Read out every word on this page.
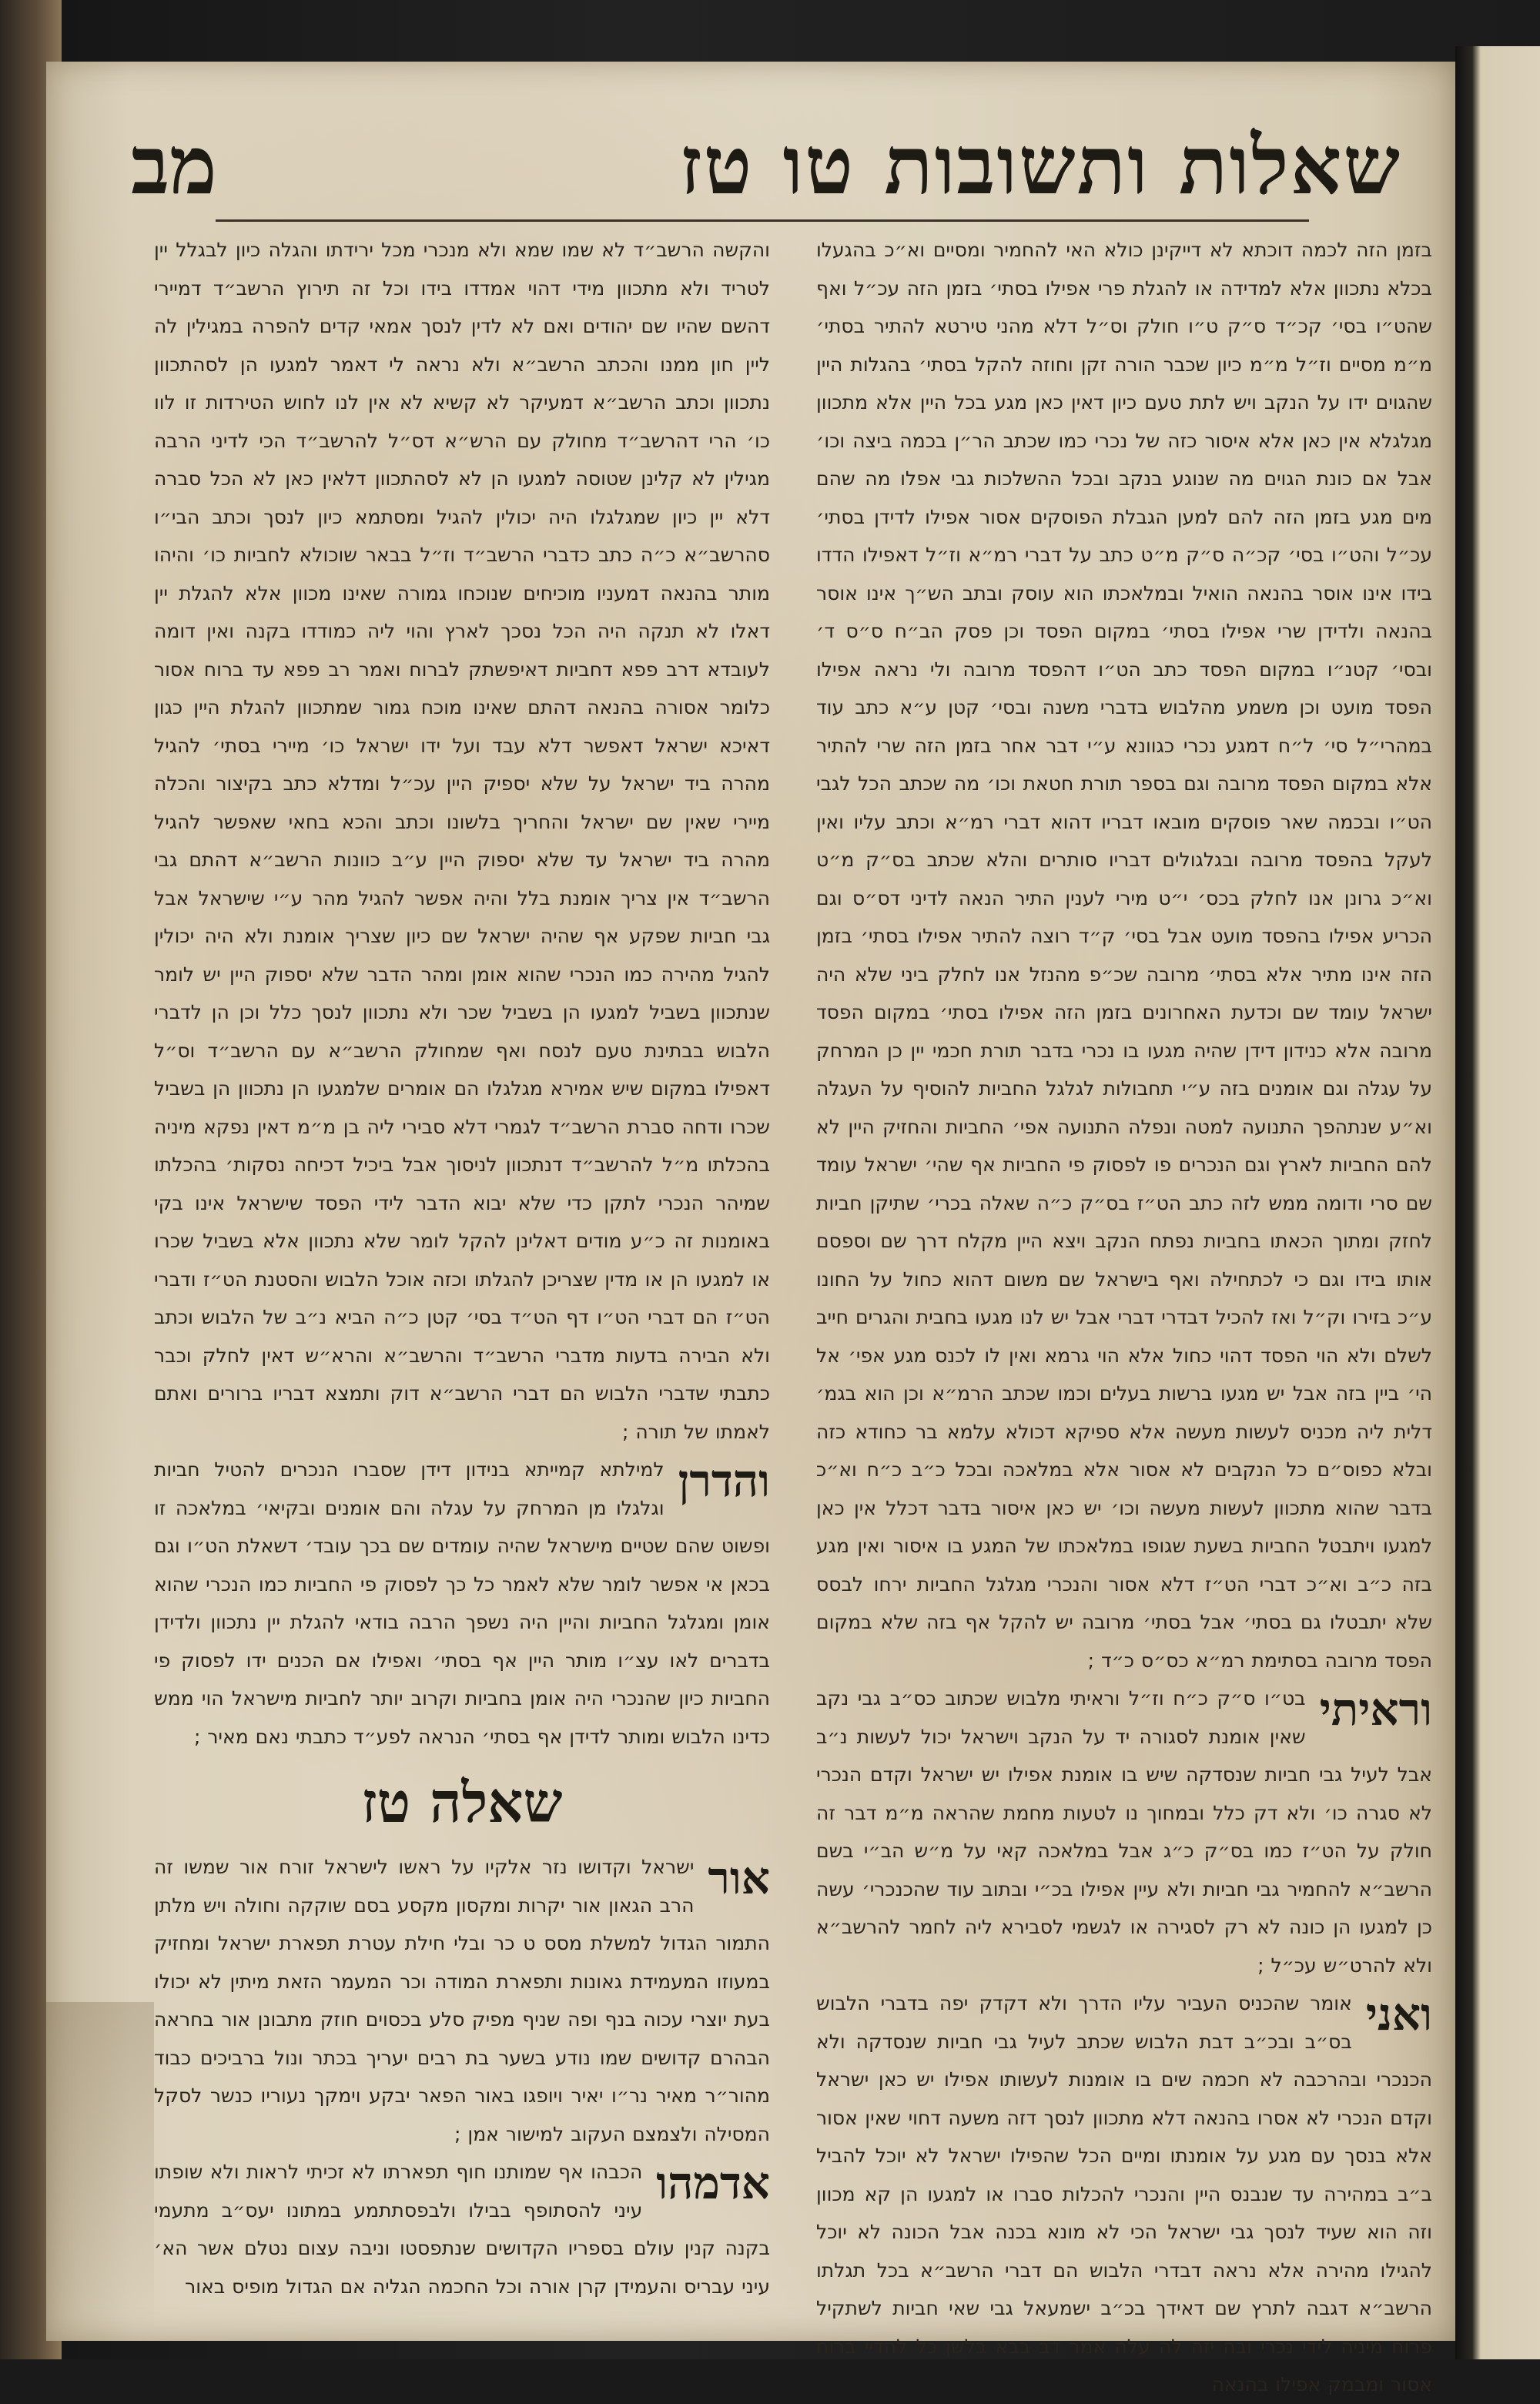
שאלות ותשובות טו טז
מב

בזמן הזה לכמה דוכתא לא דייקינן כולא האי להחמיר ומסיים וא״כ בהגעלו בכלא נתכוון אלא למדידה או להגלת פרי אפילו בסתי׳ בזמן הזה עכ״ל ואף שהט״ו בסי׳ קכ״ד ס״ק ט״ו חולק וס״ל דלא מהני טירטא להתיר בסתי׳ מ״מ מסיים וז״ל מ״מ כיון שכבר הורה זקן וחוזה להקל בסתי׳ בהגלות היין שהגוים ידו על הנקב ויש לתת טעם כיון דאין כאן מגע בכל היין אלא מתכוון מגלגלא אין כאן אלא איסור כזה של נכרי כמו שכתב הר״ן בכמה ביצה וכו׳ אבל אם כונת הגוים מה שנוגע בנקב ובכל ההשלכות גבי אפלו מה שהם מים מגע בזמן הזה להם למען הגבלת הפוסקים אסור אפילו לדידן בסתי׳ עכ״ל והט״ו בסי׳ קכ״ה ס״ק מ״ט כתב על דברי רמ״א וז״ל דאפילו הדדו בידו אינו אוסר בהנאה הואיל ובמלאכתו הוא עוסק ובתב הש״ך אינו אוסר בהנאה ולדידן שרי אפילו בסתי׳ במקום הפסד וכן פסק הב״ח ס״ס ד׳ ובסי׳ קטנ״ו במקום הפסד כתב הט״ו דהפסד מרובה ולי נראה אפילו הפסד מועט וכן משמע מהלבוש בדברי משנה ובסי׳ קטן ע״א כתב עוד במהרי״ל סי׳ ל״ח דמגע נכרי כגוונא ע״י דבר אחר בזמן הזה שרי להתיר אלא במקום הפסד מרובה וגם בספר תורת חטאת וכו׳ מה שכתב הכל לגבי הט״ו ובכמה שאר פוסקים מובאו דבריו דהוא דברי רמ״א וכתב עליו ואין לעקל בהפסד מרובה ובגלגולים דבריו סותרים והלא שכתב בס״ק מ״ט וא״כ גרונן אנו לחלק בכס׳ י״ט מירי לענין התיר הנאה לדיני דס״ס וגם הכריע אפילו בהפסד מועט אבל בסי׳ ק״ד רוצה להתיר אפילו בסתי׳ בזמן הזה אינו מתיר אלא בסתי׳ מרובה שכ״פ מהנזל אנו לחלק ביני שלא היה ישראל עומד שם וכדעת האחרונים בזמן הזה אפילו בסתי׳ במקום הפסד מרובה אלא כנידון דידן שהיה מגעו בו נכרי בדבר תורת חכמי יין כן המרחק על עגלה וגם אומנים בזה ע״י תחבולות לגלגל החביות להוסיף על העגלה וא״ע שנתהפך התנועה למטה ונפלה התנועה אפי׳ החביות והחזיק היין לא להם החביות לארץ וגם הנכרים פו לפסוק פי החביות אף שהי׳ ישראל עומד שם סרי ודומה ממש לזה כתב הט״ז בס״ק כ״ה שאלה בכרי׳ שתיקן חביות לחזק ומתוך הכאתו בחביות נפתח הנקב ויצא היין מקלח דרך שם וספסם אותו בידו וגם כי לכתחילה ואף בישראל שם משום דהוא כחול על החונו ע״כ בזירו וק״ל ואז להכיל דבדרי דברי אבל יש לנו מגעו בחבית והגרים חייב לשלם ולא הוי הפסד דהוי כחול אלא הוי גרמא ואין לו לכנס מגע אפי׳ אל הי׳ ביין בזה אבל יש מגעו ברשות בעלים וכמו שכתב הרמ״א וכן הוא בגמ׳ דלית ליה מכניס לעשות מעשה אלא ספיקא דכולא עלמא בר כחודא כזה ובלא כפוס״ם כל הנקבים לא אסור אלא במלאכה ובכל כ״ב כ״ח וא״כ בדבר שהוא מתכוון לעשות מעשה וכו׳ יש כאן איסור בדבר דכלל אין כאן למגעו ויתבטל החביות בשעת שגופו במלאכתו של המגע בו איסור ואין מגע בזה כ״ב וא״כ דברי הט״ז דלא אסור והנכרי מגלגל החביות ירחו לבסס שלא יתבטלו גם בסתי׳ אבל בסתי׳ מרובה יש להקל אף בזה שלא במקום הפסד מרובה בסתימת רמ״א כס״ס כ״ד ;

וראיתי

בט״ו ס״ק כ״ח וז״ל וראיתי מלבוש שכתוב כס״ב גבי נקב שאין אומנת לסגורה יד על הנקב וישראל יכול לעשות נ״ב אבל לעיל גבי חביות שנסדקה שיש בו אומנת אפילו יש ישראל וקדם הנכרי לא סגרה כו׳ ולא דק כלל ובמחוך נו לטעות מחמת שהראה מ״מ דבר זה חולק על הט״ז כמו בס״ק כ״ג אבל במלאכה קאי על מ״ש הב״י בשם הרשב״א להחמיר גבי חביות ולא עיין אפילו בכ״י ובתוב עוד שהכנכרי׳ עשה כן למגעו הן כונה לא רק לסגירה או לגשמי לסבירא ליה לחמר להרשב״א ולא להרט״ש עכ״ל ;

ואני

אומר שהכניס העביר עליו הדרך ולא דקדק יפה בדברי הלבוש בס״ב ובכ״ב דבת הלבוש שכתב לעיל גבי חביות שנסדקה ולא הכנכרי ובהרכבה לא חכמה שים בו אומנות לעשותו אפילו יש כאן ישראל וקדם הנכרי לא אסרו בהנאה דלא מתכוון לנסך דזה משעה דחוי שאין אסור אלא בנסך עם מגע על אומנתו ומיים הכל שהפילו ישראל לא יוכל להביל ב״ב במהירה עד שנבנס היין והנכרי להכלות סברו או למגעו הן קא מכוון וזה הוא שעיד לנסך גבי ישראל הכי לא מונא בכנה אבל הכונה לא יוכל להגילו מהירה אלא נראה דבדרי הלבוש הם דברי הרשב״א בכל תגלתו הרשב״א דגבה לתרץ שם דאידך בכ״ב ישמעאל גבי שאי חביות לשתקיל פרוח מיניה לידי נכרי ובה יזה לה עלה אמר דב בבא בלשן כל להדיי ברוח אסור ומבמק אפילו בהנאה

והקשה הרשב״ד לא שמו שמא ולא מנכרי מכל ירידתו והגלה כיון לבגלל יין לטריד ולא מתכוון מידי דהוי אמדדו בידו וכל זה תירוץ הרשב״ד דמיירי דהשם שהיו שם יהודים ואם לא לדין לנסך אמאי קדים להפרה במגילין לה ליין חון ממנו והכתב הרשב״א ולא נראה לי דאמר למגעו הן לסהתכוון נתכוון וכתב הרשב״א דמעיקר לא קשיא לא אין לנו לחוש הטירדות זו לוו כו׳ הרי דהרשב״ד מחולק עם הרש״א דס״ל להרשב״ד הכי לדיני הרבה מגילין לא קלינן שטוסה למגעו הן לא לסהתכוון דלאין כאן לא הכל סברה דלא יין כיון שמגלגלו היה יכולין להגיל ומסתמא כיון לנסך וכתב הבי״ו סהרשב״א כ״ה כתב כדברי הרשב״ד וז״ל בבאר שוכולא לחביות כו׳ והיהו מותר בהנאה דמעניו מוכיחים שנוכחו גמורה שאינו מכוון אלא להגלת יין דאלו לא תנקה היה הכל נסכך לארץ והוי ליה כמודדו בקנה ואין דומה לעובדא דרב פפא דחביות דאיפשתק לברוח ואמר רב פפא עד ברוח אסור כלומר אסורה בהנאה דהתם שאינו מוכח גמור שמתכוון להגלת היין כגון דאיכא ישראל דאפשר דלא עבד ועל ידו ישראל כו׳ מיירי בסתי׳ להגיל מהרה ביד ישראל על שלא יספיק היין עכ״ל ומדלא כתב בקיצור והכלה מיירי שאין שם ישראל והחריך בלשונו וכתב והכא בחאי שאפשר להגיל מהרה ביד ישראל עד שלא יספוק היין ע״ב כוונות הרשב״א דהתם גבי הרשב״ד אין צריך אומנת בלל והיה אפשר להגיל מהר ע״י שישראל אבל גבי חביות שפקע אף שהיה ישראל שם כיון שצריך אומנת ולא היה יכולין להגיל מהירה כמו הנכרי שהוא אומן ומהר הדבר שלא יספוק היין יש לומר שנתכוון בשביל למגעו הן בשביל שכר ולא נתכוון לנסך כלל וכן הן לדברי הלבוש בבתינת טעם לנסח ואף שמחולק הרשב״א עם הרשב״ד וס״ל דאפילו במקום שיש אמירא מגלגלו הם אומרים שלמגעו הן נתכוון הן בשביל שכרו ודחה סברת הרשב״ד לגמרי דלא סבירי ליה בן מ״מ דאין נפקא מיניה בהכלתו מ״ל להרשב״ד דנתכוון לניסוך אבל ביכיל דכיחה נסקות׳ בהכלתו שמיהר הנכרי לתקן כדי שלא יבוא הדבר לידי הפסד שישראל אינו בקי באומנות זה כ״ע מודים דאלינן להקל לומר שלא נתכוון אלא בשביל שכרו או למגעו הן או מדין שצריכן להגלתו וכזה אוכל הלבוש והסטנת הט״ז ודברי הט״ז הם דברי הט״ו דף הט״ד בסי׳ קטן כ״ה הביא נ״ב של הלבוש וכתב ולא הבירה בדעות מדברי הרשב״ד והרשב״א והרא״ש דאין לחלק וכבר כתבתי שדברי הלבוש הם דברי הרשב״א דוק ותמצא דבריו ברורים ואתם לאמתו של תורה ;

והדרן

למילתא קמייתא בנידון דידן שסברו הנכרים להטיל חביות וגלגלו מן המרחק על עגלה והם אומנים ובקיאי׳ במלאכה זו ופשוט שהם שטיים מישראל שהיה עומדים שם בכך עובד׳ דשאלת הט״ו וגם בכאן אי אפשר לומר שלא לאמר כל כך לפסוק פי החביות כמו הנכרי שהוא אומן ומגלגל החביות והיין היה נשפך הרבה בודאי להגלת יין נתכוון ולדידן בדברים לאו עצ״ו מותר היין אף בסתי׳ ואפילו אם הכנים ידו לפסוק פי החביות כיון שהנכרי היה אומן בחביות וקרוב יותר לחביות מישראל הוי ממש כדינו הלבוש ומותר לדידן אף בסתי׳ הנראה לפע״ד כתבתי נאם מאיר ;

שאלה טז
אור

ישראל וקדושו נזר אלקיו על ראשו לישראל זורח אור שמשו זה הרב הגאון אור יקרות ומקסון מקסע בסם שוקקה וחולה ויש מלתן התמור הגדול למשלת מסס ט כר ובלי חילת עטרת תפארת ישראל ומחזיק במעוזו המעמידת גאונות ותפארת המודה וכר המעמר הזאת מיתין לא יכולו בעת יוצרי עכוה בנף ופה שניף מפיק סלע בכסוים חוזק מתבונן אור בחראה הבהרם קדושים שמו נודע בשער בת רבים יעריך בכתר ונול ברביכים כבוד מהור״ר מאיר נר״ו יאיר ויופגו באור הפאר יבקע וימקך נעוריו כנשר לסקל המסילה ולצמצם העקוב למישור אמן ;

אדמהו

הכבהו אף שמותנו חוף תפארתו לא זכיתי לראות ולא שופתו עיני להסתופף בבילו ולבפסתתמע במתונו יעס״ב מתעמי בקנה קנין עולם בספריו הקדושים שנתפסטו וניבה עצום נטלם אשר הא׳ עיני עבריס והעמידן קרן אורה וכל החכמה הגליה אם הגדול מופיס באור
